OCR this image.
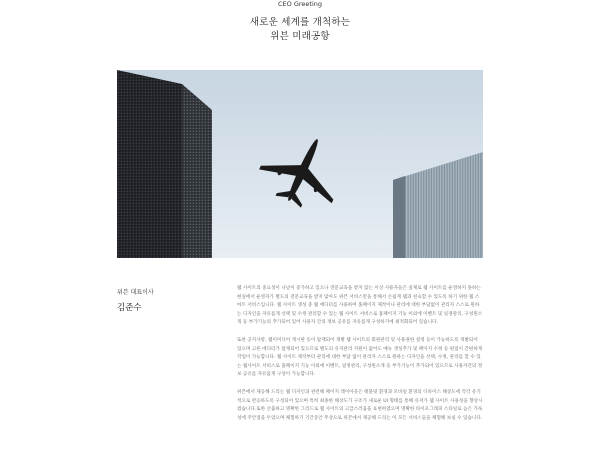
CEO Greeting
새로운 세계를 개척하는
위븐 미래공항
위븐 대표이사
김준수

웹 사이트의 중요성이 나날이 증가하고 있으나 전문교육을 받지 않는 이상 사용자들은 실제로 웹 사이트를 운영하지 못하는 현실에서 운영자가 별도의 전문교육을 받지 않아도 위븐 서비스만을 통해서 손쉽게 웹과 친숙할 수 있도록 하기 위한 웹 스마트 서비스입니다. 웹 사이트 생성 중 웹 에디터를 사용하여 홈페이지 제작이나 관리에 대한 부담없이 관리자 스스로 원하는 디자인을 자유롭게 선택 및 수정 관리할 수 있는 웹 사이트 서비스로 홈페이지 기능 이외에 이벤트 및 일정관리, 구성원소개 등 부가기능의 추가되어 있어 사용자 간의 정보 공유를 자유롭게 구성하기에 최적화되어 있습니다.

또한 공지사항, 웹이미디어 게시판 등이 탑재되어 개별 웹 사이트의 회원관리 및 사용권한 설정 등이 가능하도록 개발되어 있으며 고른 에디터가 탑재되어 있으므로 별도의 유지관리 지원이 없어도 메뉴 생성추가 및 페이지 수정 등 편집이 간편하게 작업이 가능합니다. 웹 사이트 제작부터 관리에 대한 부담 없이 관리자 스스로 원하는 디자인을 선택, 수정, 관리를 할 수 있는 웹사이트 서비스로 홈페이지 기능 이외에 이벤트, 일정관리, 구성원소개 등 부가기능이 추가되어 있으므로 사용자간의 정보 공유를 자유롭게 구성이 가능합니다.

위븐에서 제공해 드리는 웹 디자인과 관련해 페이지 레이아웃은 태블릿 환경과 모바일 환경의 디바이스 해상도에 각각 유기적으로 반응하도록 구성되어 있으며 특히 최종한 해상도가 구조가 새로운 UI 형태를 통해 유저가 웹 사이트 사용성을 향상시켰습니다.또한 산출하고 명확한 그리드로 웹 사이트의 고급스러움을 표현하였으며 명확한 타이포그래피 스타일로 높은 가독성에 주안점을 두었으며 체험하기 기간동안 무상으로 위븐에서 제공해 드리는 이 모든 서비스들을 체험해 보실 수 있습니다.
